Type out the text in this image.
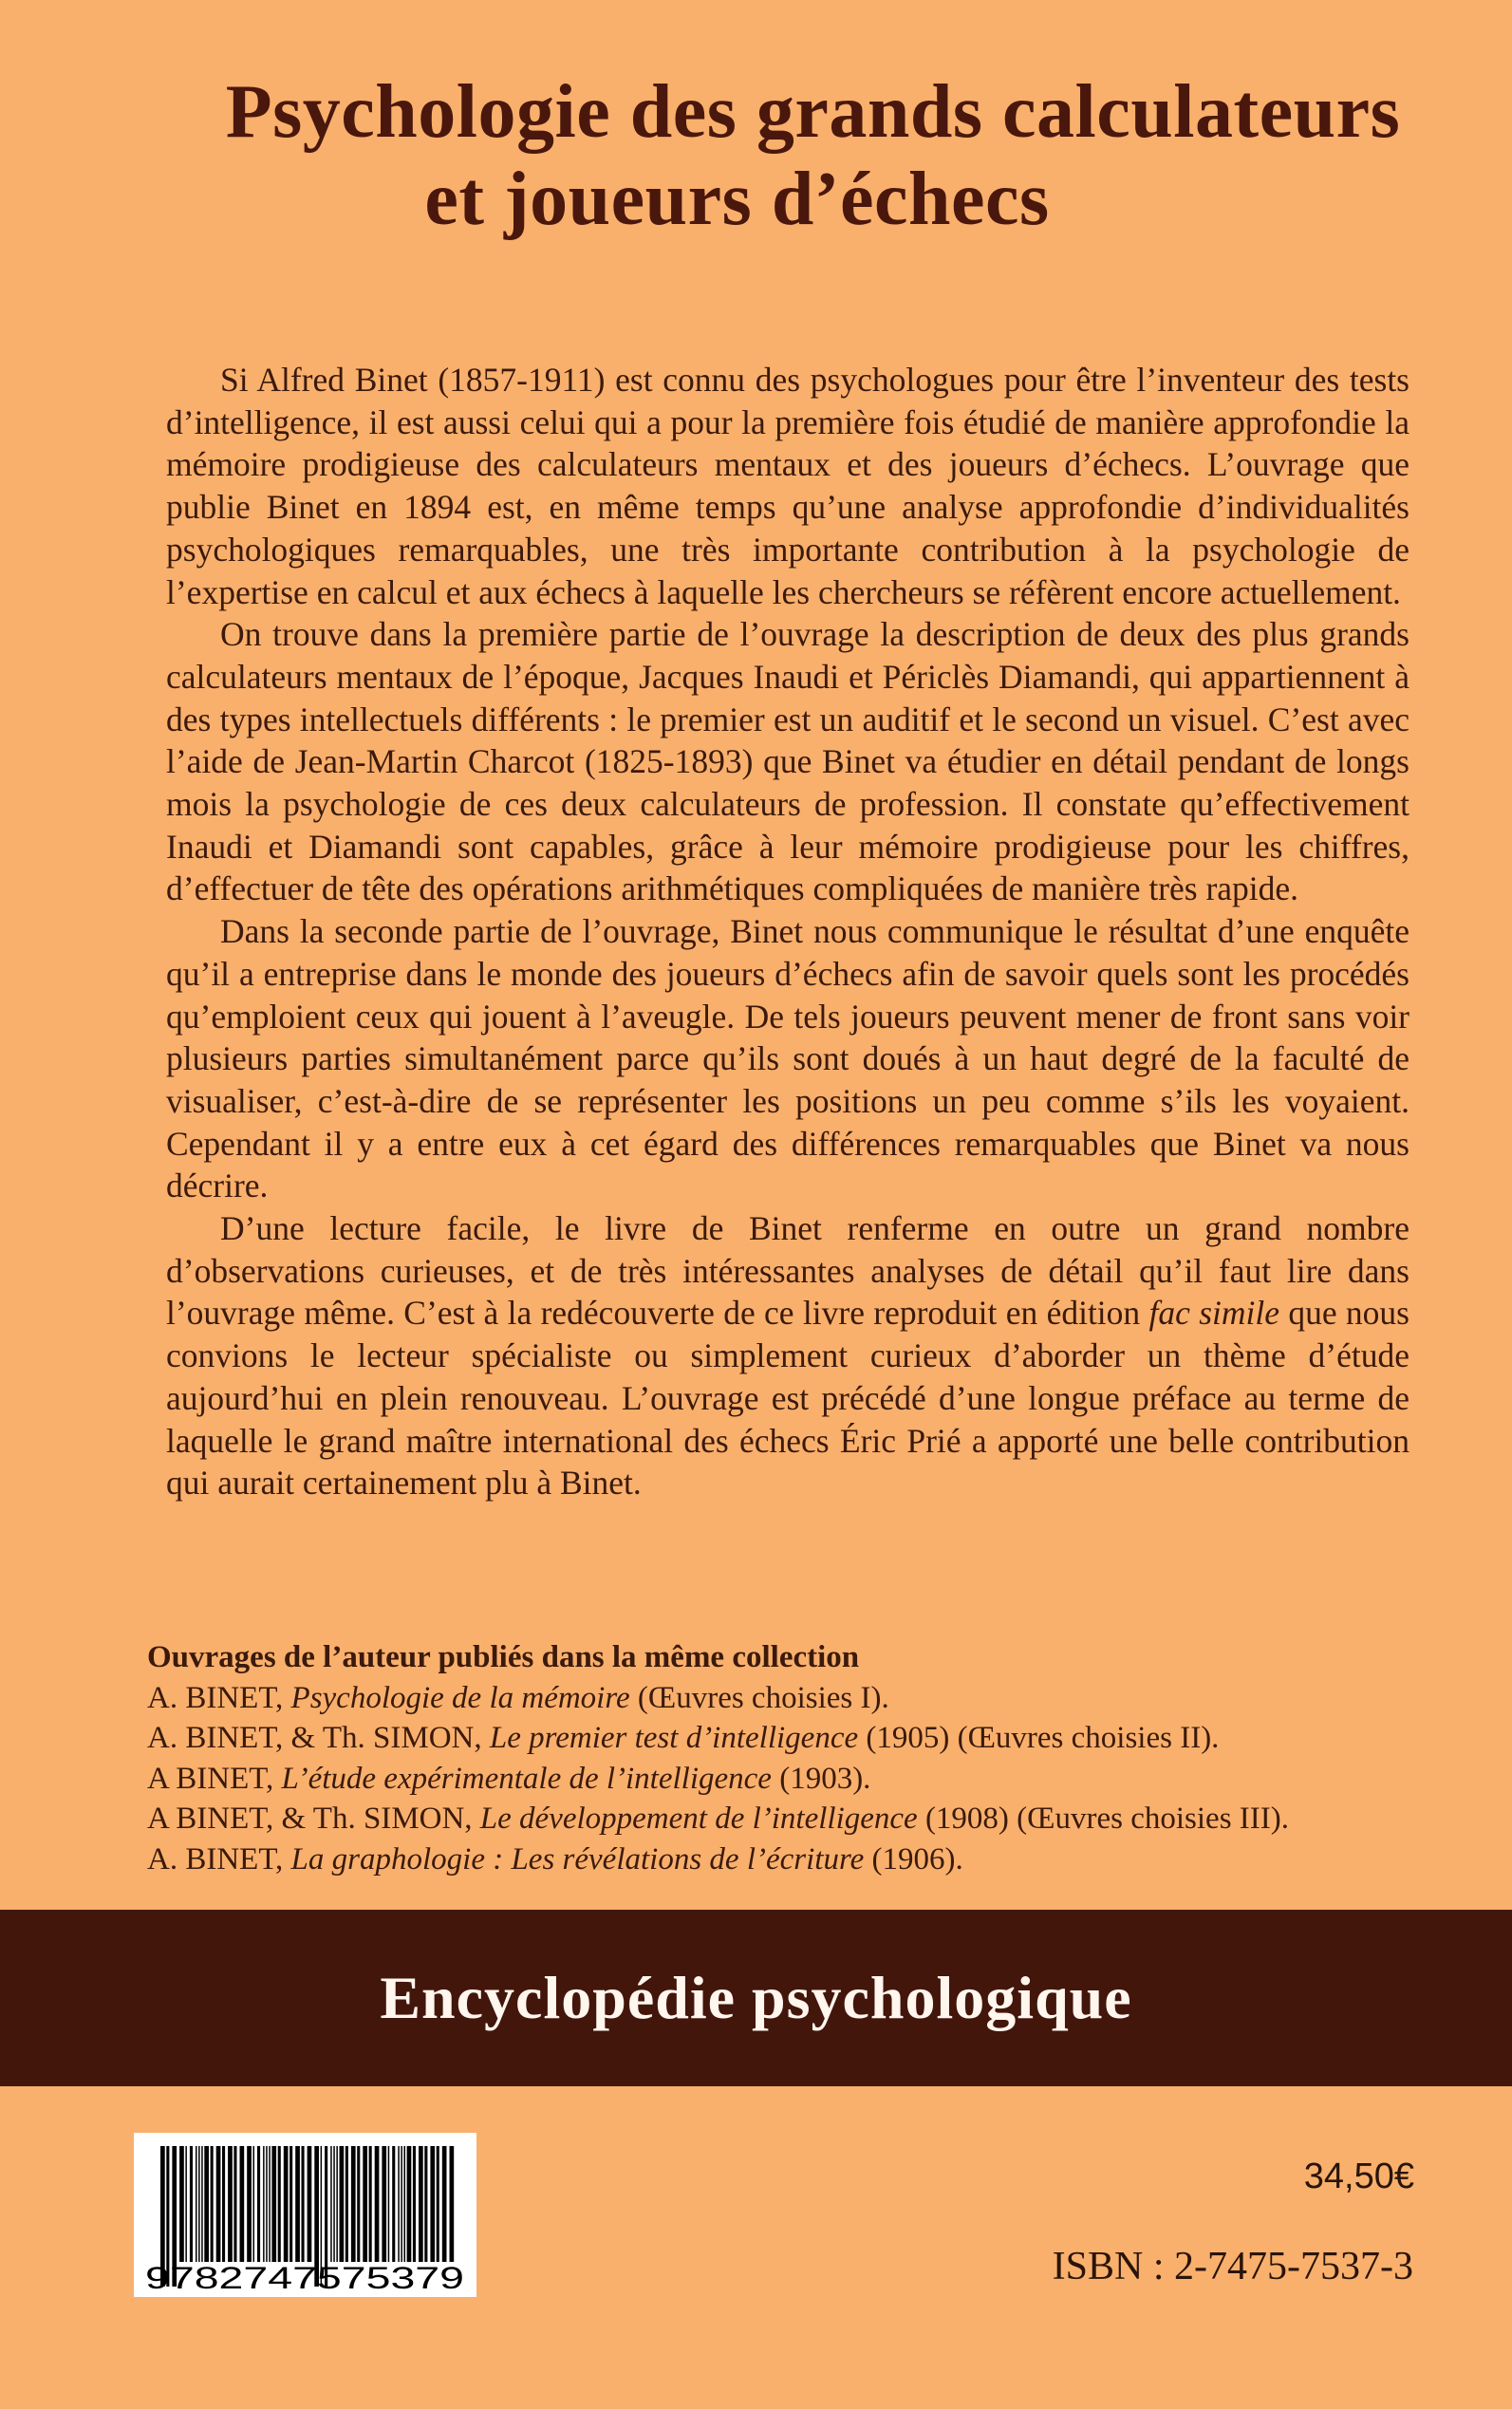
Psychologie des grands calculateurs
et joueurs d’échecs

Si Alfred Binet (1857-1911) est connu des psychologues pour être l’inventeur des tests d’intelligence, il est aussi celui qui a pour la première fois étudié de manière approfondie la mémoire prodigieuse des calculateurs mentaux et des joueurs d’échecs. L’ouvrage que publie Binet en 1894 est, en même temps qu’une analyse approfondie d’individualités psychologiques remarquables, une très importante contribution à la psychologie de l’expertise en calcul et aux échecs à laquelle les chercheurs se réfèrent encore actuellement.

On trouve dans la première partie de l’ouvrage la description de deux des plus grands calculateurs mentaux de l’époque, Jacques Inaudi et Périclès Diamandi, qui appartiennent à des types intellectuels différents : le premier est un auditif et le second un visuel. C’est avec l’aide de Jean-Martin Charcot (1825-1893) que Binet va étudier en détail pendant de longs mois la psychologie de ces deux calculateurs de profession. Il constate qu’effectivement Inaudi et Diamandi sont capables, grâce à leur mémoire prodigieuse pour les chiffres, d’effectuer de tête des opérations arithmétiques compliquées de manière très rapide.

Dans la seconde partie de l’ouvrage, Binet nous communique le résultat d’une enquête qu’il a entreprise dans le monde des joueurs d’échecs afin de savoir quels sont les procédés qu’emploient ceux qui jouent à l’aveugle. De tels joueurs peuvent mener de front sans voir plusieurs parties simultanément parce qu’ils sont doués à un haut degré de la faculté de visualiser, c’est-à-dire de se représenter les positions un peu comme s’ils les voyaient. Cependant il y a entre eux à cet égard des différences remarquables que Binet va nous décrire.

D’une lecture facile, le livre de Binet renferme en outre un grand nombre d’observations curieuses, et de très intéressantes analyses de détail qu’il faut lire dans l’ouvrage même. C’est à la redécouverte de ce livre reproduit en édition fac simile que nous convions le lecteur spécialiste ou simplement curieux d’aborder un thème d’étude aujourd’hui en plein renouveau. L’ouvrage est précédé d’une longue préface au terme de laquelle le grand maître international des échecs Éric Prié a apporté une belle contribution qui aurait certainement plu à Binet.

Ouvrages de l’auteur publiés dans la même collection
A. BINET, Psychologie de la mémoire (Œuvres choisies I).
A. BINET, & Th. SIMON, Le premier test d’intelligence (1905) (Œuvres choisies II).
A BINET, L’étude expérimentale de l’intelligence (1903).
A BINET, & Th. SIMON, Le développement de l’intelligence (1908) (Œuvres choisies III).
A. BINET, La graphologie : Les révélations de l’écriture (1906).
Encyclopédie psychologique
9782747575379
34,50€
ISBN : 2-7475-7537-3
